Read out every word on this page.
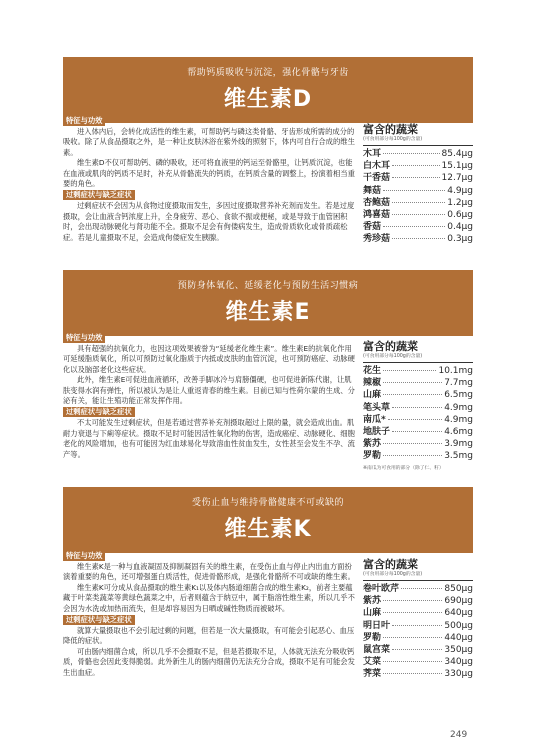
帮助钙质吸收与沉淀，强化骨骼与牙齿
维生素D
特征与功效

进入体内后，会转化成活性的维生素，可帮助钙与磷这类骨骼、牙齿形成所需的成分的吸收。除了从食品摄取之外，是一种让皮肤沐浴在紫外线的照射下，体内可自行合成的维生素。

维生素D不仅可帮助钙、磷的吸收，还可将血液里的钙运至骨骼里，让钙质沉淀，也能在血液或肌肉的钙质不足时，补充从骨骼流失的钙质，在钙质含量的调整上，扮演着相当重要的角色。

过剩症状与缺乏症状

过剩症状不会因为从食物过度摄取而发生，多因过度摄取营养补充剂而发生。若是过度摄取，会让血液含钙浓度上升，全身疲劳、恶心、食欲不振或便秘，或是导致于血管困积时，会出现动脉硬化与肾功能不全。摄取不足会有佝偻病发生，造成骨质软化或骨质疏松症。若是儿童摄取不足，会造成佝偻症发生胰腺。

富含的蔬菜
(可食用部分每100g的含量)
木耳	85.4μg
白木耳	15.1μg
干香菇	12.7μg
舞菇	4.9μg
杏鲍菇	1.2μg
鸿喜菇	0.6μg
香菇	0.4μg
秀珍菇	0.3μg
预防身体氧化、延缓老化与预防生活习惯病
维生素E
特征与功效

具有超强的抗氧化力，也因这项效果被誉为“延缓老化维生素”。维生素E的抗氧化作用可延缓脂质氧化，所以可预防过氧化脂质于内抵或皮肤的血管沉淀，也可预防癌症、动脉硬化以及脑部老化这些症状。

此外，维生素E可促进血液循环，改善手脚冰冷与肩膀僵硬，也可促进新陈代谢，让肌肤变得水润有弹性，所以被认为是让人重返青春的维生素。目前已知与性荷尔蒙的生成、分泌有关，能让生殖功能正常发挥作用。

过剩症状与缺乏症状

不太可能发生过剩症状，但是若通过营养补充剂摄取超过上限的量，就会造成出血。肌耐力衰退与下痢等症状。摄取不足时可能因活性氧化物的伤害，造成癌症、动脉硬化、细胞老化的风险增加，也有可能因为红血球易化导致溶血性贫血发生，女性甚至会发生不孕、流产等。

富含的蔬菜
(可食用部分每100g的含量)
花生	10.1mg
辣椒	7.7mg
山麻	6.5mg
笔头草	4.9mg
南瓜*	4.9mg
地肤子	4.6mg
紫苏	3.9mg
罗勒	3.5mg
※南瓜为可食用的部分（除了仁、籽）
受伤止血与维持骨骼健康不可或缺的
维生素K
特征与功效

维生素K是一种与血液凝固及抑制凝固有关的维生素，在受伤止血与停止内出血方面扮演着重要的角色，还可增强蛋白质活性，促进骨骼形成，是强化骨骼所不可或缺的维生素。

维生素K可分成从食品摄取的维生素K₁以及体内肠道细菌合成的维生素K₂，前者主要蕴藏于叶菜类蔬菜等黄绿色蔬菜之中，后者则蕴含于纳豆中，属于脂溶性维生素，所以几乎不会因为水洗或加热而流失，但是却容易因为日晒或碱性物质而被破坏。

过剩症状与缺乏症状

就算大量摄取也不会引起过剩的问题，但若是一次大量摄取，有可能会引起恶心、血压降低的症状。

可由肠内细菌合成，所以几乎不会摄取不足，但是若摄取不足，人体就无法充分吸收钙质，骨骼也会因此变得脆弱。此外新生儿的肠内细菌仍无法充分合成，摄取不足有可能会发生出血症。

富含的蔬菜
(可食用部分每100g的含量)
卷叶欧芹	850μg
紫苏	690μg
山麻	640μg
明日叶	500μg
罗勒	440μg
鼠宫菜	350μg
艾菜	340μg
荠菜	330μg
249
